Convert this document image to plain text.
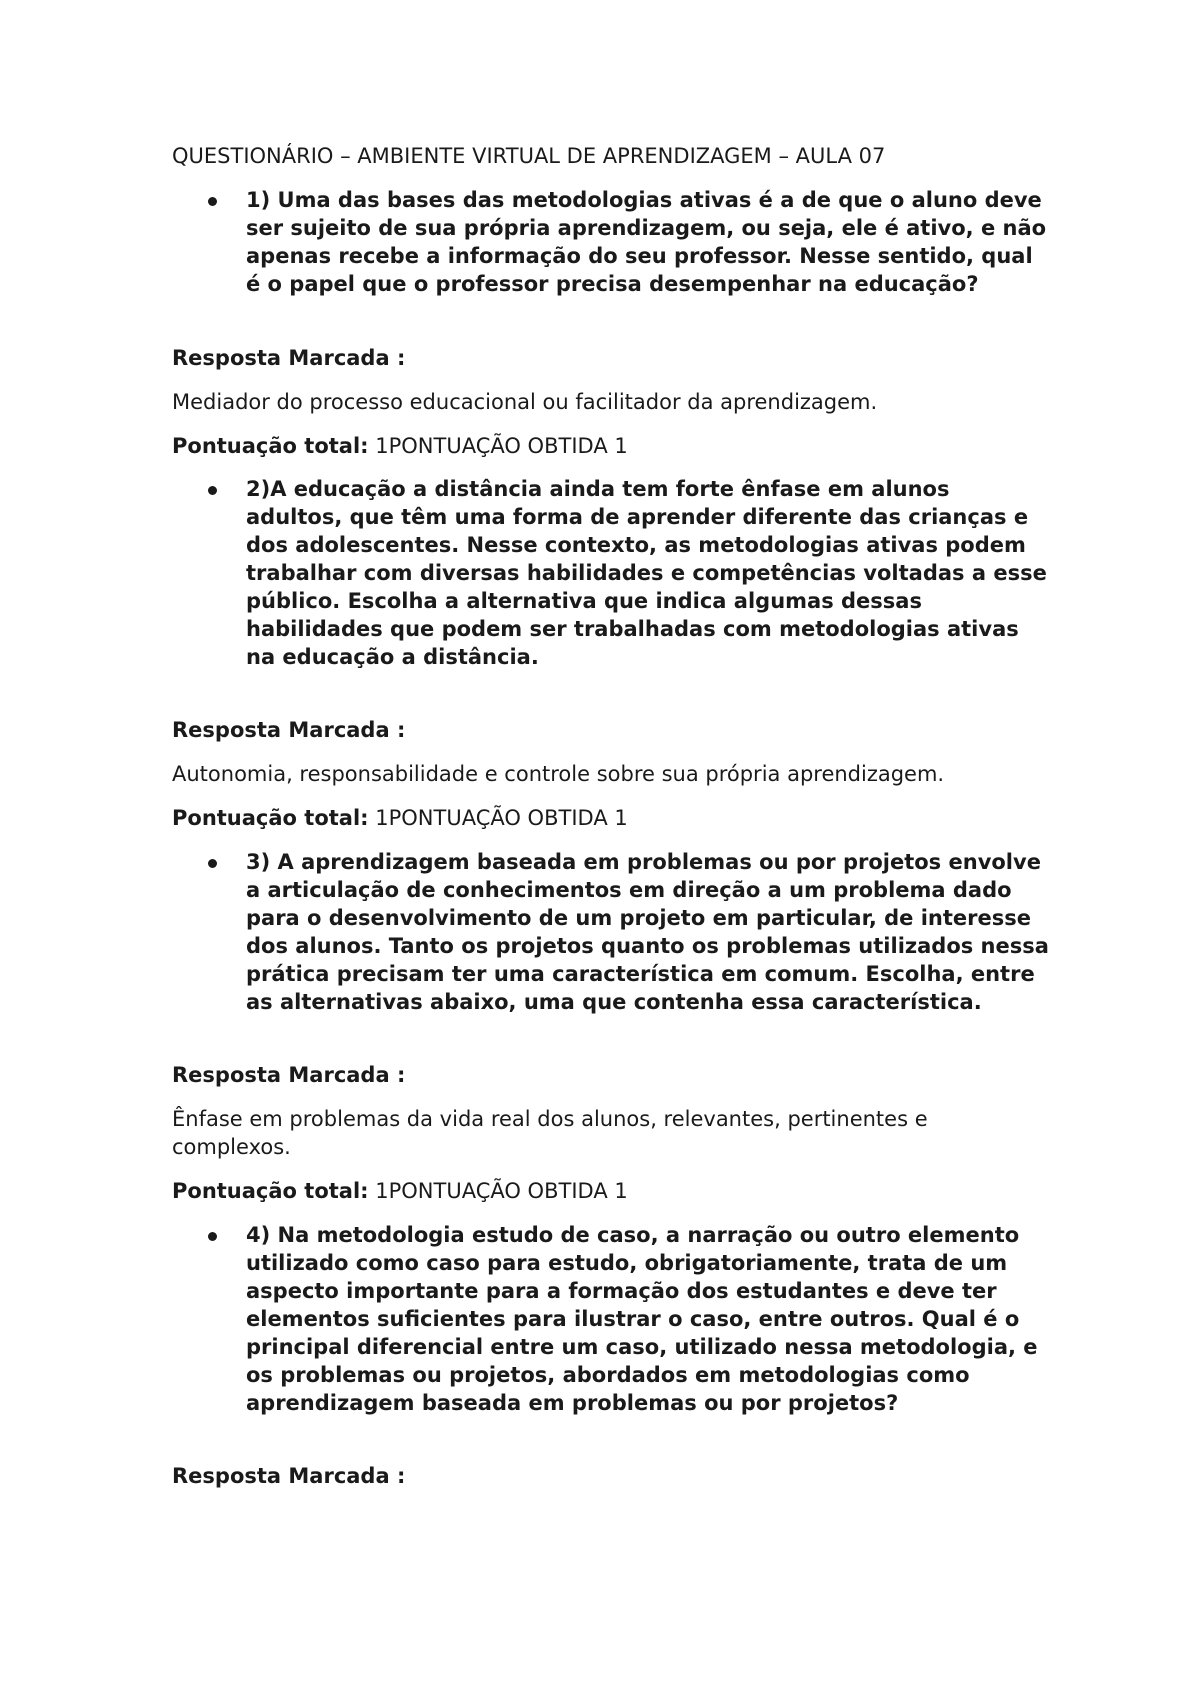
QUESTIONÁRIO – AMBIENTE VIRTUAL DE APRENDIZAGEM – AULA 07

1) Uma das bases das metodologias ativas é a de que o aluno deve ser sujeito de sua própria aprendizagem, ou seja, ele é ativo, e não apenas recebe a informação do seu professor. Nesse sentido, qual é o papel que o professor precisa desempenhar na educação?

Resposta Marcada :

Mediador do processo educacional ou facilitador da aprendizagem.

Pontuação total: 1PONTUAÇÃO OBTIDA 1

2)A educação a distância ainda tem forte ênfase em alunos adultos, que têm uma forma de aprender diferente das crianças e dos adolescentes. Nesse contexto, as metodologias ativas podem trabalhar com diversas habilidades e competências voltadas a esse público. Escolha a alternativa que indica algumas dessas habilidades que podem ser trabalhadas com metodologias ativas na educação a distância.

Resposta Marcada :

Autonomia, responsabilidade e controle sobre sua própria aprendizagem.

Pontuação total: 1PONTUAÇÃO OBTIDA 1

3) A aprendizagem baseada em problemas ou por projetos envolve a articulação de conhecimentos em direção a um problema dado para o desenvolvimento de um projeto em particular, de interesse dos alunos. Tanto os projetos quanto os problemas utilizados nessa prática precisam ter uma característica em comum. Escolha, entre as alternativas abaixo, uma que contenha essa característica.

Resposta Marcada :

Ênfase em problemas da vida real dos alunos, relevantes, pertinentes e complexos.

Pontuação total: 1PONTUAÇÃO OBTIDA 1

4) Na metodologia estudo de caso, a narração ou outro elemento utilizado como caso para estudo, obrigatoriamente, trata de um aspecto importante para a formação dos estudantes e deve ter elementos suficientes para ilustrar o caso, entre outros. Qual é o principal diferencial entre um caso, utilizado nessa metodologia, e os problemas ou projetos, abordados em metodologias como aprendizagem baseada em problemas ou por projetos?

Resposta Marcada :
